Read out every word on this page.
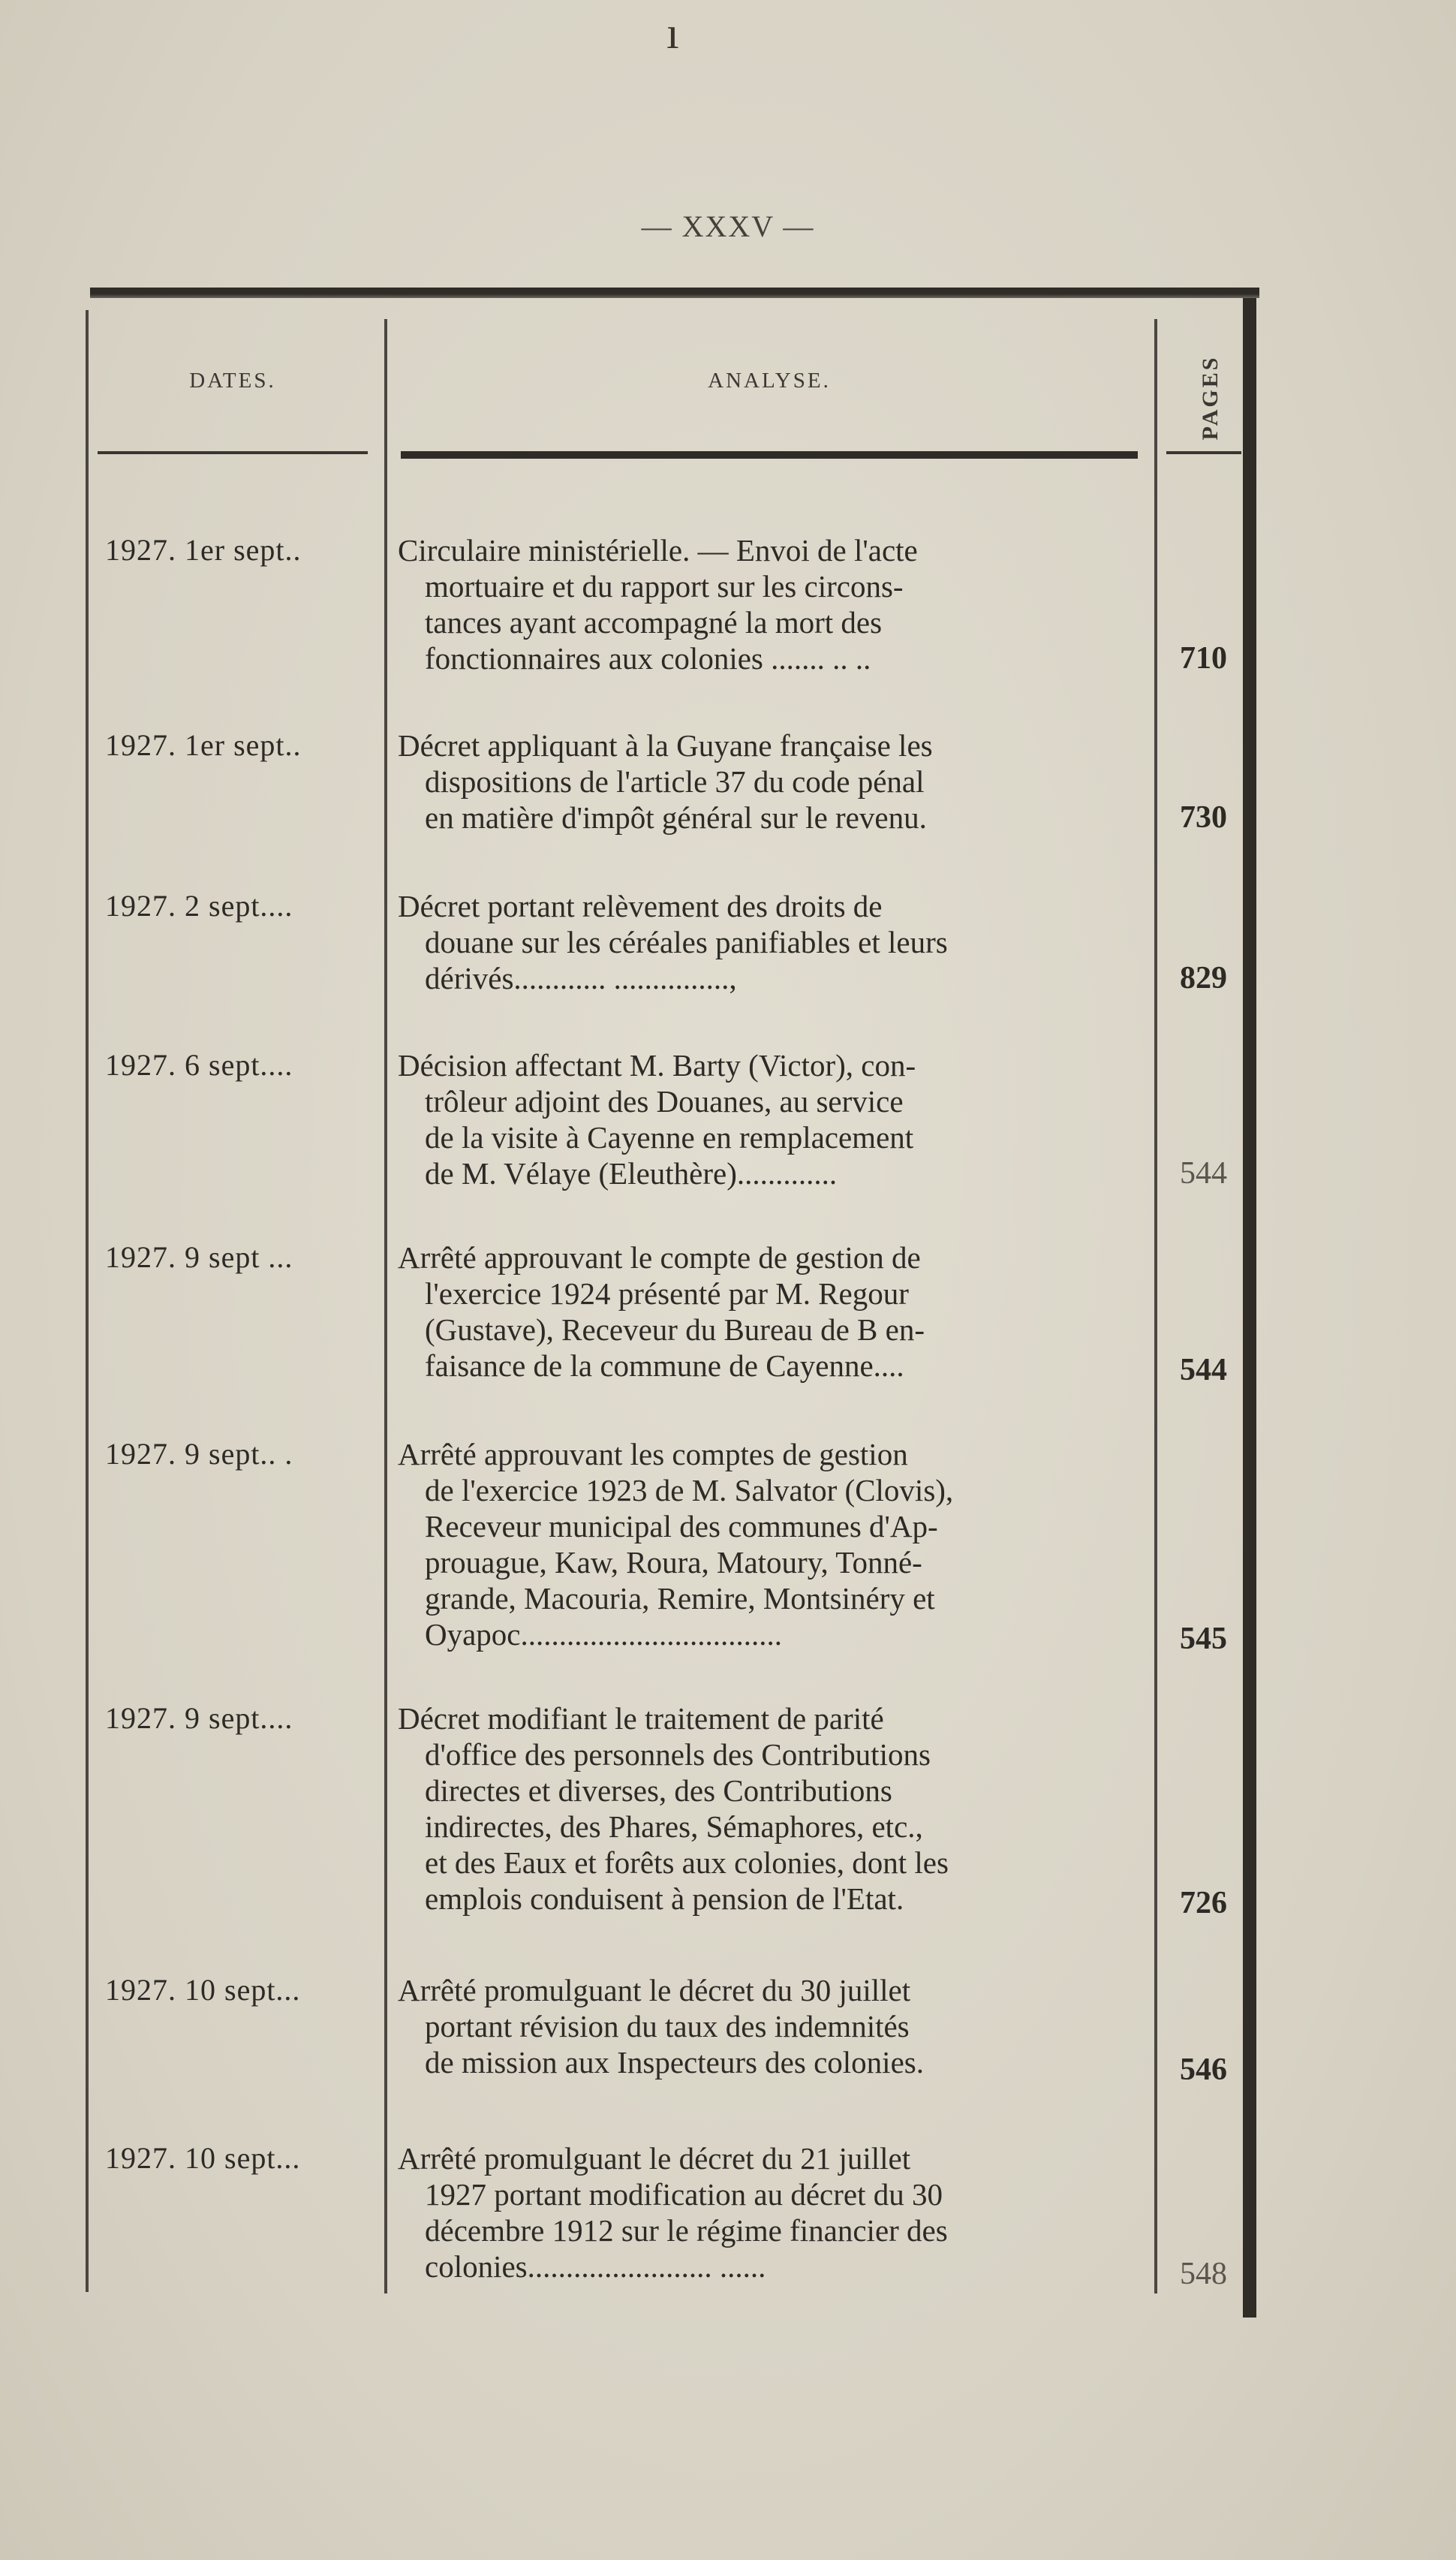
ı
— XXXV —
DATES.	ANALYSE.	PAGES
1927. 1er sept..	Circulaire ministérielle. — Envoi de l'acte
mortuaire et du rapport sur les circons-
tances ayant accompagné la mort des
fonctionnaires aux colonies ....... .. ..	710
1927. 1er sept..	Décret appliquant à la Guyane française les
dispositions de l'article 37 du code pénal
en matière d'impôt général sur le revenu.	730
1927. 2 sept....	Décret portant relèvement des droits de
douane sur les céréales panifiables et leurs
dérivés............ ...............,	829
1927. 6 sept....	Décision affectant M. Barty (Victor), con-
trôleur adjoint des Douanes, au service
de la visite à Cayenne en remplacement
de M. Vélaye (Eleuthère).............	544
1927. 9 sept ...	Arrêté approuvant le compte de gestion de
l'exercice 1924 présenté par M. Regour
(Gustave), Receveur du Bureau de B en-
faisance de la commune de Cayenne....	544
1927. 9 sept.. .	Arrêté approuvant les comptes de gestion
de l'exercice 1923 de M. Salvator (Clovis),
Receveur municipal des communes d'Ap-
prouague, Kaw, Roura, Matoury, Tonné-
grande, Macouria, Remire, Montsinéry et
Oyapoc..................................	545
1927. 9 sept....	Décret modifiant le traitement de parité
d'office des personnels des Contributions
directes et diverses, des Contributions
indirectes, des Phares, Sémaphores, etc.,
et des Eaux et forêts aux colonies, dont les
emplois conduisent à pension de l'Etat.	726
1927. 10 sept...	Arrêté promulguant le décret du 30 juillet
portant révision du taux des indemnités
de mission aux Inspecteurs des colonies.	546
1927. 10 sept...	Arrêté promulguant le décret du 21 juillet
1927 portant modification au décret du 30
décembre 1912 sur le régime financier des
colonies........................ ......	548
